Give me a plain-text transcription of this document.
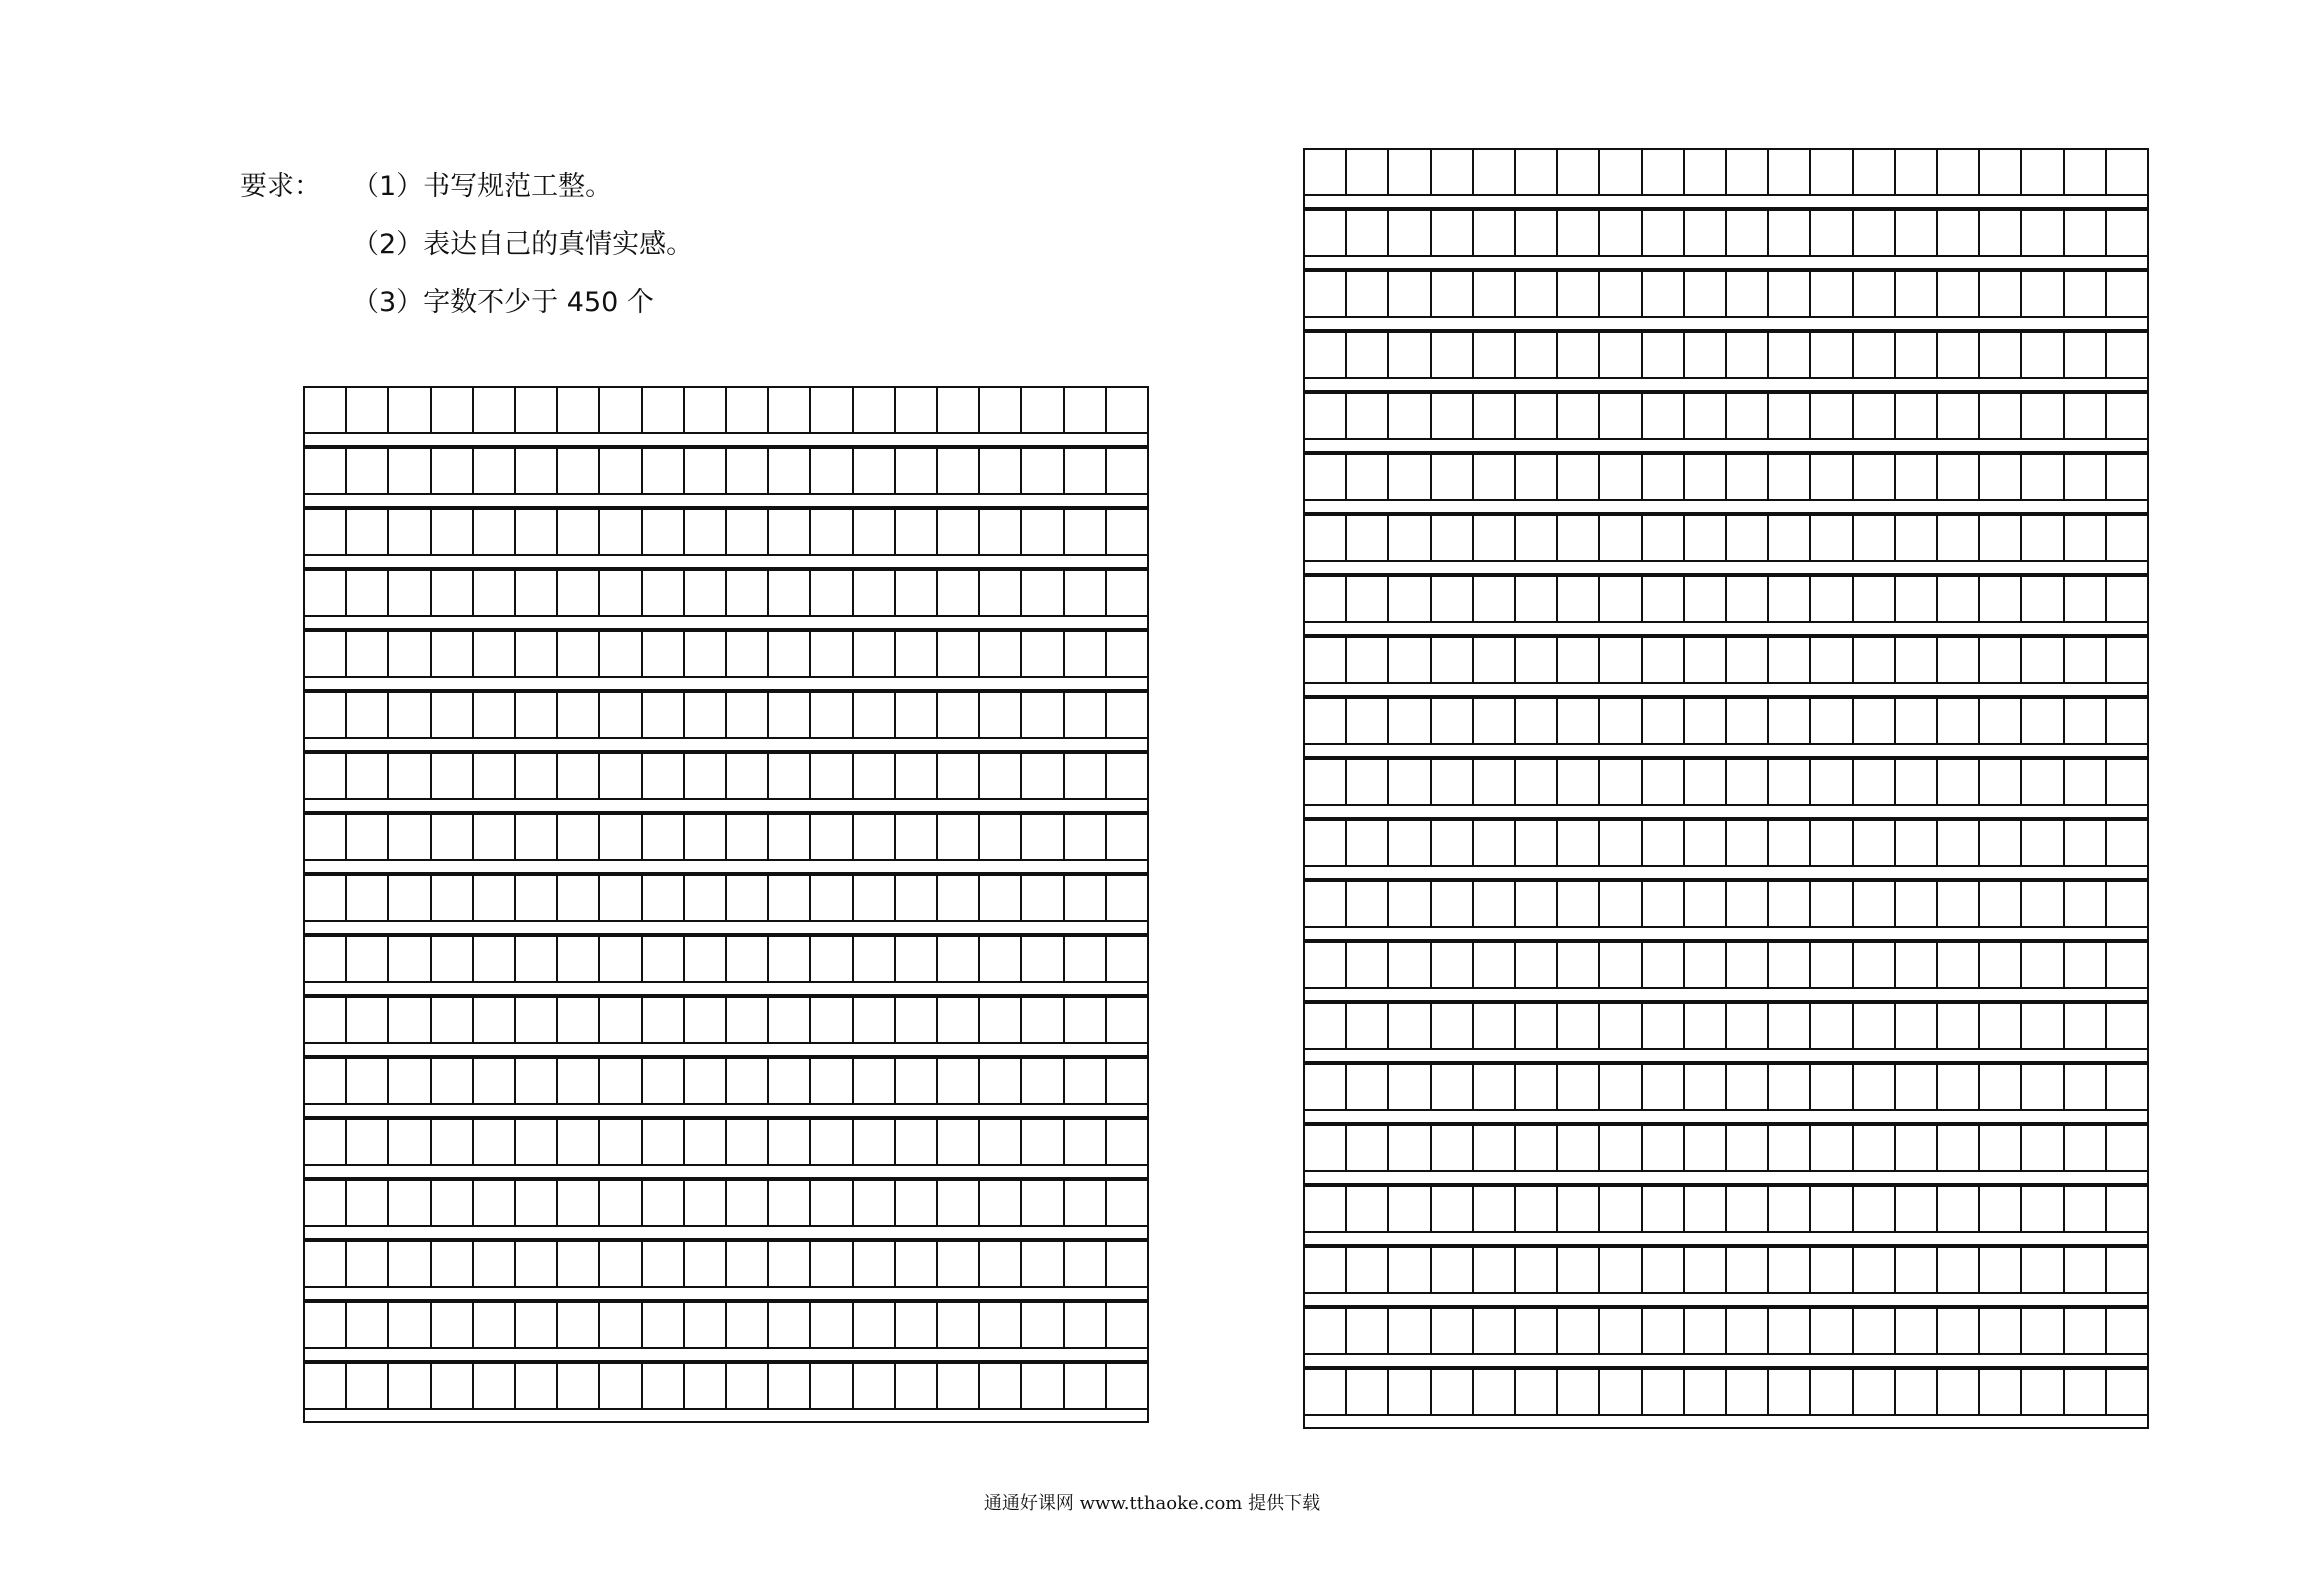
要求： （1）书写规范工整。
（2）表达自己的真情实感。
（3）字数不少于 450 个
通通好课网 www.tthaoke.com 提供下载
